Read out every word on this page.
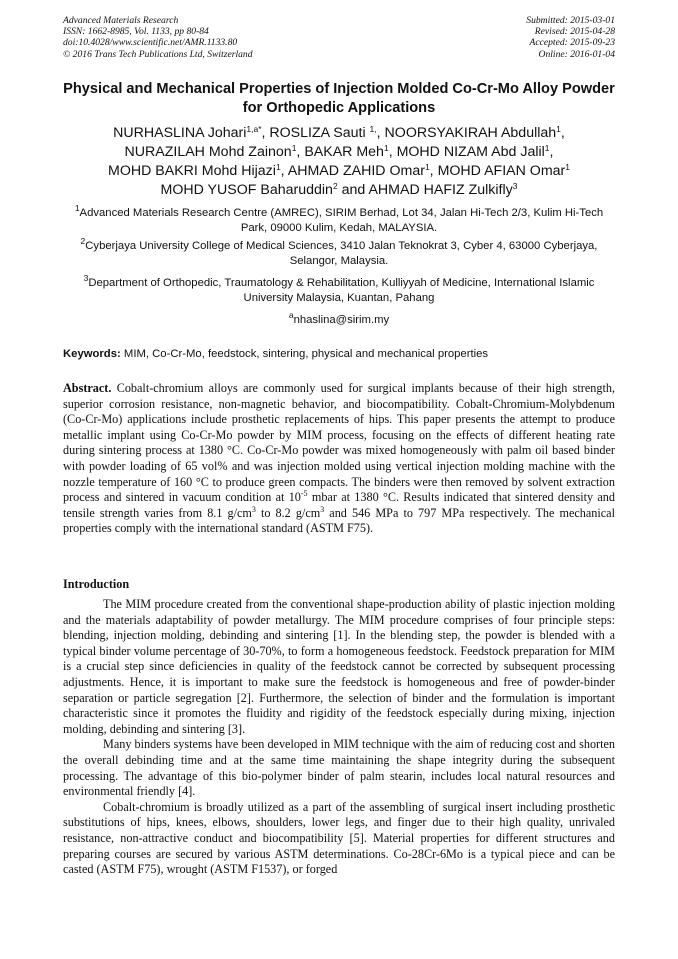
Advanced Materials Research
ISSN: 1662-8985, Vol. 1133, pp 80-84
doi:10.4028/www.scientific.net/AMR.1133.80
© 2016 Trans Tech Publications Ltd, Switzerland
Submitted: 2015-03-01
Revised: 2015-04-28
Accepted: 2015-09-23
Online: 2016-01-04
Physical and Mechanical Properties of Injection Molded Co-Cr-Mo Alloy Powder for Orthopedic Applications
NURHASLINA Johari$^{1,a*}$, ROSLIZA Sauti $^{1,}$, NOORSYAKIRAH Abdullah$^1$,
NURAZILAH Mohd Zainon$^1$, BAKAR Meh$^1$, MOHD NIZAM Abd Jalil$^1$,
MOHD BAKRI Mohd Hijazi$^1$, AHMAD ZAHID Omar$^1$, MOHD AFIAN Omar$^1$
MOHD YUSOF Baharuddin$^2$ and AHMAD HAFIZ Zulkifly$^3$
$^1$Advanced Materials Research Centre (AMREC), SIRIM Berhad, Lot 34, Jalan Hi-Tech 2/3, Kulim Hi-Tech Park, 09000 Kulim, Kedah, MALAYSIA.
$^2$Cyberjaya University College of Medical Sciences, 3410 Jalan Teknokrat 3, Cyber 4, 63000 Cyberjaya, Selangor, Malaysia.
$^3$Department of Orthopedic, Traumatology & Rehabilitation, Kulliyyah of Medicine, International Islamic University Malaysia, Kuantan, Pahang
$^a$nhaslina@sirim.my
Keywords: MIM, Co-Cr-Mo, feedstock, sintering, physical and mechanical properties
Abstract. Cobalt-chromium alloys are commonly used for surgical implants because of their high strength, superior corrosion resistance, non-magnetic behavior, and biocompatibility. Cobalt-Chromium-Molybdenum (Co-Cr-Mo) applications include prosthetic replacements of hips. This paper presents the attempt to produce metallic implant using Co-Cr-Mo powder by MIM process, focusing on the effects of different heating rate during sintering process at 1380 °C. Co-Cr-Mo powder was mixed homogeneously with palm oil based binder with powder loading of 65 vol% and was injection molded using vertical injection molding machine with the nozzle temperature of 160 °C to produce green compacts. The binders were then removed by solvent extraction process and sintered in vacuum condition at $10^{-5}$ mbar at 1380 °C. Results indicated that sintered density and tensile strength varies from 8.1 $g/cm^3$ to 8.2 $g/cm^3$ and 546 MPa to 797 MPa respectively. The mechanical properties comply with the international standard (ASTM F75).
Introduction

The MIM procedure created from the conventional shape-production ability of plastic injection molding and the materials adaptability of powder metallurgy. The MIM procedure comprises of four principle steps: blending, injection molding, debinding and sintering [1]. In the blending step, the powder is blended with a typical binder volume percentage of 30-70%, to form a homogeneous feedstock. Feedstock preparation for MIM is a crucial step since deficiencies in quality of the feedstock cannot be corrected by subsequent processing adjustments. Hence, it is important to make sure the feedstock is homogeneous and free of powder-binder separation or particle segregation [2]. Furthermore, the selection of binder and the formulation is important characteristic since it promotes the fluidity and rigidity of the feedstock especially during mixing, injection molding, debinding and sintering [3].

Many binders systems have been developed in MIM technique with the aim of reducing cost and shorten the overall debinding time and at the same time maintaining the shape integrity during the subsequent processing. The advantage of this bio-polymer binder of palm stearin, includes local natural resources and environmental friendly [4].

Cobalt-chromium is broadly utilized as a part of the assembling of surgical insert including prosthetic substitutions of hips, knees, elbows, shoulders, lower legs, and finger due to their high quality, unrivaled resistance, non-attractive conduct and biocompatibility [5]. Material properties for different structures and preparing courses are secured by various ASTM determinations. Co-28Cr-6Mo is a typical piece and can be casted (ASTM F75), wrought (ASTM F1537), or forged
